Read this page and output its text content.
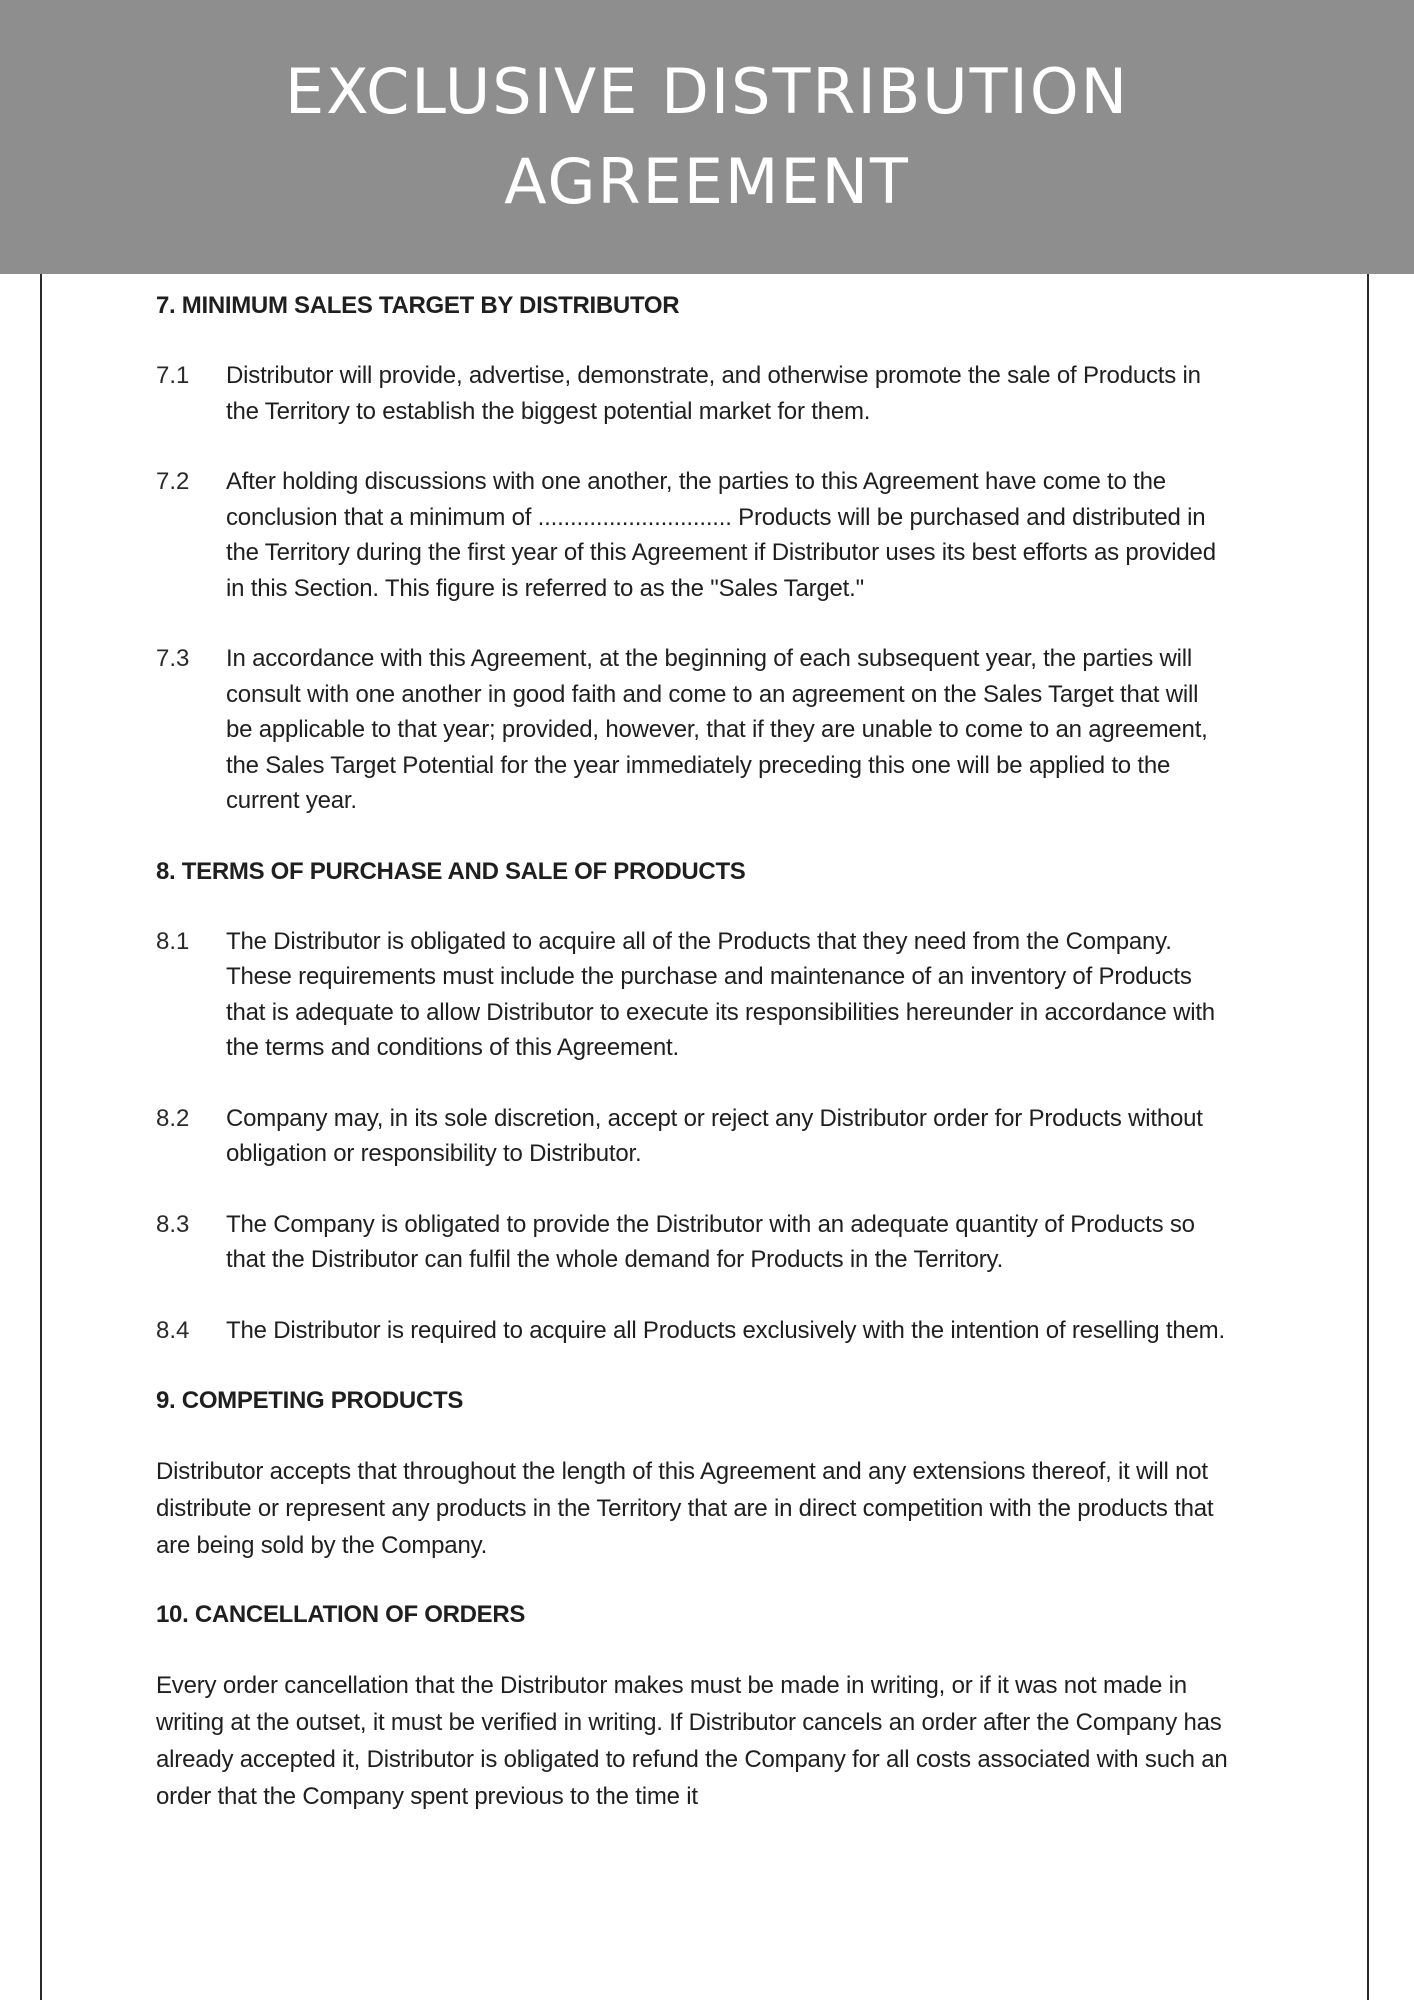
EXCLUSIVE DISTRIBUTION
AGREEMENT
7. MINIMUM SALES TARGET BY DISTRIBUTOR
7.1	Distributor will provide, advertise, demonstrate, and otherwise promote the sale of Products in the Territory to establish the biggest potential market for them.
7.2	After holding discussions with one another, the parties to this Agreement have come to the conclusion that a minimum of .............................. Products will be purchased and distributed in the Territory during the first year of this Agreement if Distributor uses its best efforts as provided in this Section. This figure is referred to as the "Sales Target."
7.3	In accordance with this Agreement, at the beginning of each subsequent year, the parties will consult with one another in good faith and come to an agreement on the Sales Target that will be applicable to that year; provided, however, that if they are unable to come to an agreement, the Sales Target Potential for the year immediately preceding this one will be applied to the current year.
8. TERMS OF PURCHASE AND SALE OF PRODUCTS
8.1	The Distributor is obligated to acquire all of the Products that they need from the Company. These requirements must include the purchase and maintenance of an inventory of Products that is adequate to allow Distributor to execute its responsibilities hereunder in accordance with the terms and conditions of this Agreement.
8.2	Company may, in its sole discretion, accept or reject any Distributor order for Products without obligation or responsibility to Distributor.
8.3	The Company is obligated to provide the Distributor with an adequate quantity of Products so that the Distributor can fulfil the whole demand for Products in the Territory.
8.4	The Distributor is required to acquire all Products exclusively with the intention of reselling them.
9. COMPETING PRODUCTS
Distributor accepts that throughout the length of this Agreement and any extensions thereof, it will not distribute or represent any products in the Territory that are in direct competition with the products that are being sold by the Company.
10. CANCELLATION OF ORDERS
Every order cancellation that the Distributor makes must be made in writing, or if it was not made in writing at the outset, it must be verified in writing. If Distributor cancels an order after the Company has already accepted it, Distributor is obligated to refund the Company for all costs associated with such an order that the Company spent previous to the time it
